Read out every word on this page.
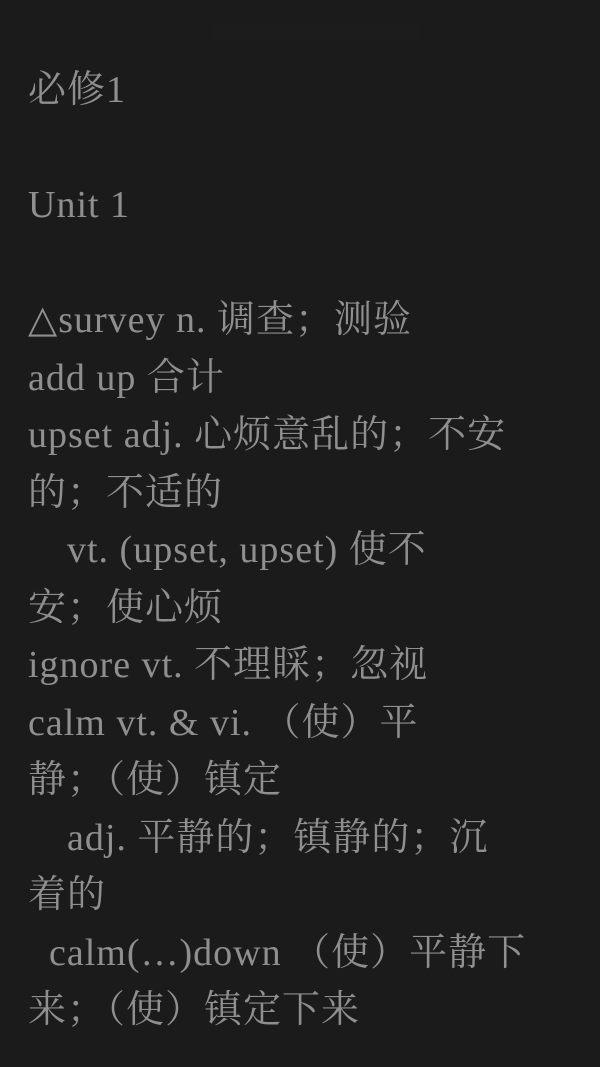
必修1
Unit 1
△survey n. 调查；测验
add up 合计
upset adj. 心烦意乱的；不安
的；不适的
　vt. (upset, upset) 使不
安；使心烦
ignore vt. 不理睬；忽视
calm vt. & vi. （使）平
静；（使）镇定
　adj. 平静的；镇静的；沉
着的
calm(…)down （使）平静下
来；（使）镇定下来
